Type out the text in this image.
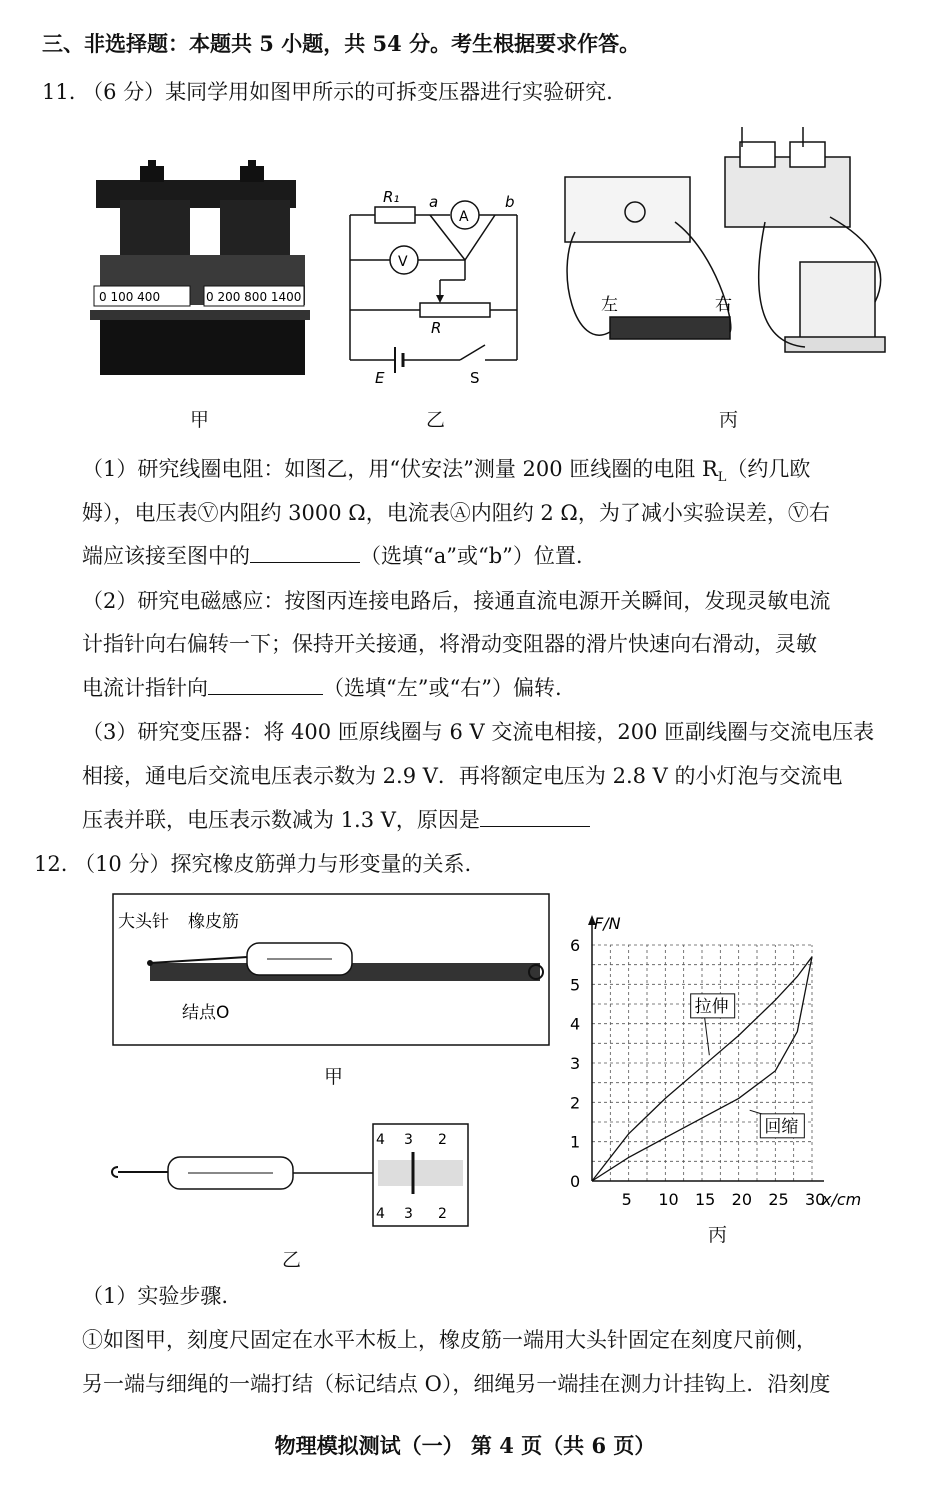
三、非选择题：本题共 5 小题，共 54 分。考生根据要求作答。
11. （6 分）某同学用如图甲所示的可拆变压器进行实验研究.
0 100 400	0 200 800 1400
甲
R₁ a	b
A
V
R
E	S
乙
左	右
丙
（1）研究线圈电阻：如图乙，用“伏安法”测量 200 匝线圈的电阻 $R_L$（约几欧
姆），电压表Ⓥ内阻约 3000 Ω，电流表Ⓐ内阻约 2 Ω，为了减小实验误差，Ⓥ右
端应该接至图中的	（选填“a”或“b”）位置.
（2）研究电磁感应：按图丙连接电路后，接通直流电源开关瞬间，发现灵敏电流
计指针向右偏转一下；保持开关接通，将滑动变阻器的滑片快速向右滑动，灵敏
电流计指针向	（选填“左”或“右”）偏转.
（3）研究变压器：将 400 匝原线圈与 6 V 交流电相接，200 匝副线圈与交流电压表
相接，通电后交流电压表示数为 2.9 V．再将额定电压为 2.8 V 的小灯泡与交流电
压表并联，电压表示数减为 1.3 V，原因是
12. （10 分）探究橡皮筋弹力与形变量的关系.
大头针 橡皮筋
结点O
甲
4 3 2
4 3 2
乙
5 10 15 20 25 30
0
1
2
3
4
5
6
x/cm
F/N
拉伸
回缩
丙
（1）实验步骤.
①如图甲，刻度尺固定在水平木板上，橡皮筋一端用大头针固定在刻度尺前侧，
另一端与细绳的一端打结（标记结点 O），细绳另一端挂在测力计挂钩上．沿刻度
物理模拟测试（一） 第 4 页（共 6 页）
